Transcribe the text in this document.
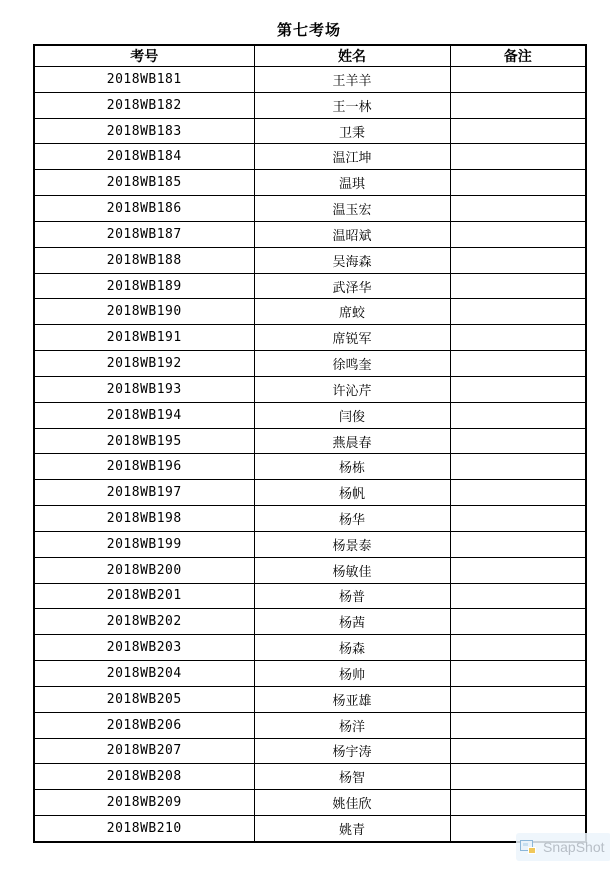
第七考场
考号	姓名	备注
2018WB181	王羊羊	
2018WB182	王一林	
2018WB183	卫秉	
2018WB184	温江坤	
2018WB185	温琪	
2018WB186	温玉宏	
2018WB187	温昭斌	
2018WB188	吴海森	
2018WB189	武泽华	
2018WB190	席蛟	
2018WB191	席锐军	
2018WB192	徐鸣奎	
2018WB193	许沁芹	
2018WB194	闫俊	
2018WB195	燕晨春	
2018WB196	杨栋	
2018WB197	杨帆	
2018WB198	杨华	
2018WB199	杨景泰	
2018WB200	杨敏佳	
2018WB201	杨普	
2018WB202	杨茜	
2018WB203	杨森	
2018WB204	杨帅	
2018WB205	杨亚雄	
2018WB206	杨洋	
2018WB207	杨宇涛	
2018WB208	杨智	
2018WB209	姚佳欣	
2018WB210	姚青	
SnapShot
